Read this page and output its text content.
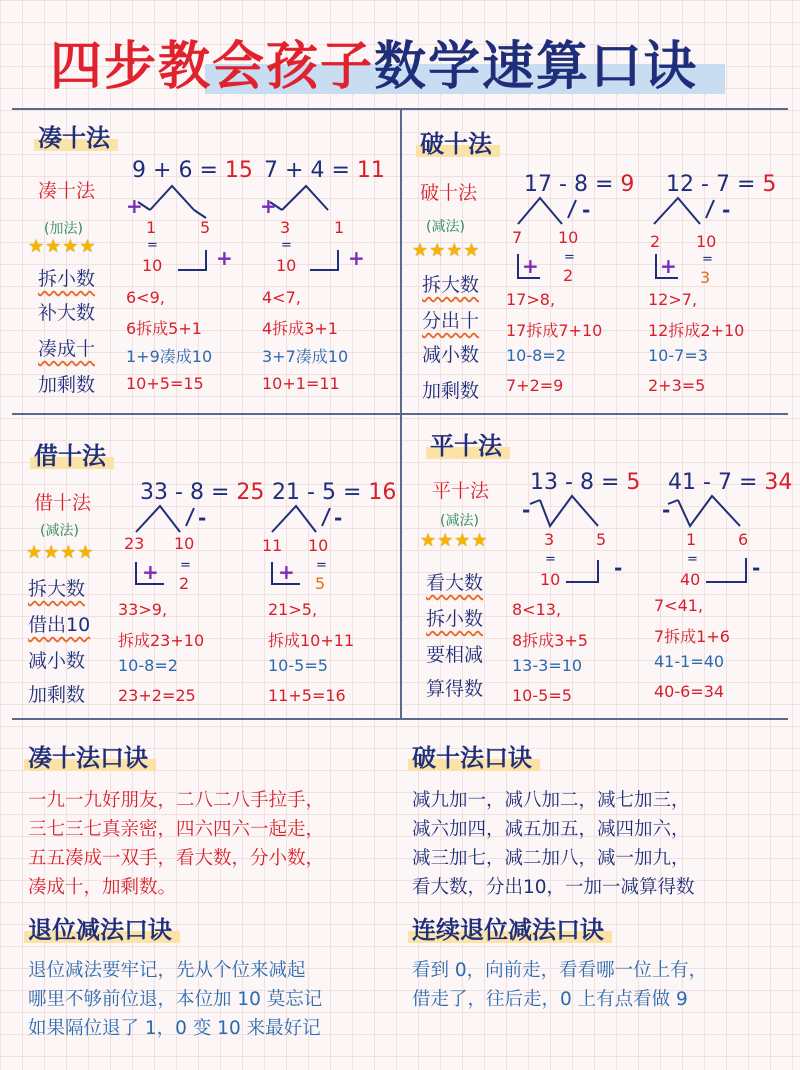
四步教会孩子数学速算口诀
凑十法
凑十法
(加法)
★★★★
拆小数
补大数
凑成十
加剩数
9 + 6 = 15
+
1	5
=
10	+
6<9,
6拆成5+1
1+9凑成10
10+5=15
7 + 4 = 11
+
3	1
=
10	+
4<7,
4拆成3+1
3+7凑成10
10+1=11
破十法
破十法
(减法)
★★★★
拆大数
分出十
减小数
加剩数
17 - 8 = 9
7 10
-
+ =
2
17>8,
17拆成7+10
10-8=2
7+2=9
12 - 7 = 5
2 10
-
+ =
3
12>7,
12拆成2+10
10-7=3
2+3=5
借十法
借十法
(减法)
★★★★
拆大数
借出10
减小数
加剩数
33 - 8 = 25
23 10
-
+ =
2
33>9,
拆成23+10
10-8=2
23+2=25
21 - 5 = 16
11 10
-
+ =
5
21>5,
拆成10+11
10-5=5
11+5=16
平十法
平十法
(减法)
★★★★
看大数
拆小数
要相减
算得数
13 - 8 = 5
-
3	5
=
10	-
8<13,
8拆成3+5
13-3=10
10-5=5
41 - 7 = 34
-
1	6
=
40	-
7<41,
7拆成1+6
41-1=40
40-6=34
凑十法口诀
一九一九好朋友，二八二八手拉手，
三七三七真亲密，四六四六一起走，
五五凑成一双手，看大数，分小数，
凑成十，加剩数。
破十法口诀
减九加一，减八加二，减七加三，
减六加四，减五加五，减四加六，
减三加七，减二加八，减一加九，
看大数，分出10，一加一减算得数
退位减法口诀
退位减法要牢记，先从个位来减起
哪里不够前位退，本位加 10 莫忘记
如果隔位退了 1，0 变 10 来最好记
连续退位减法口诀
看到 0，向前走，看看哪一位上有，
借走了，往后走，0 上有点看做 9
